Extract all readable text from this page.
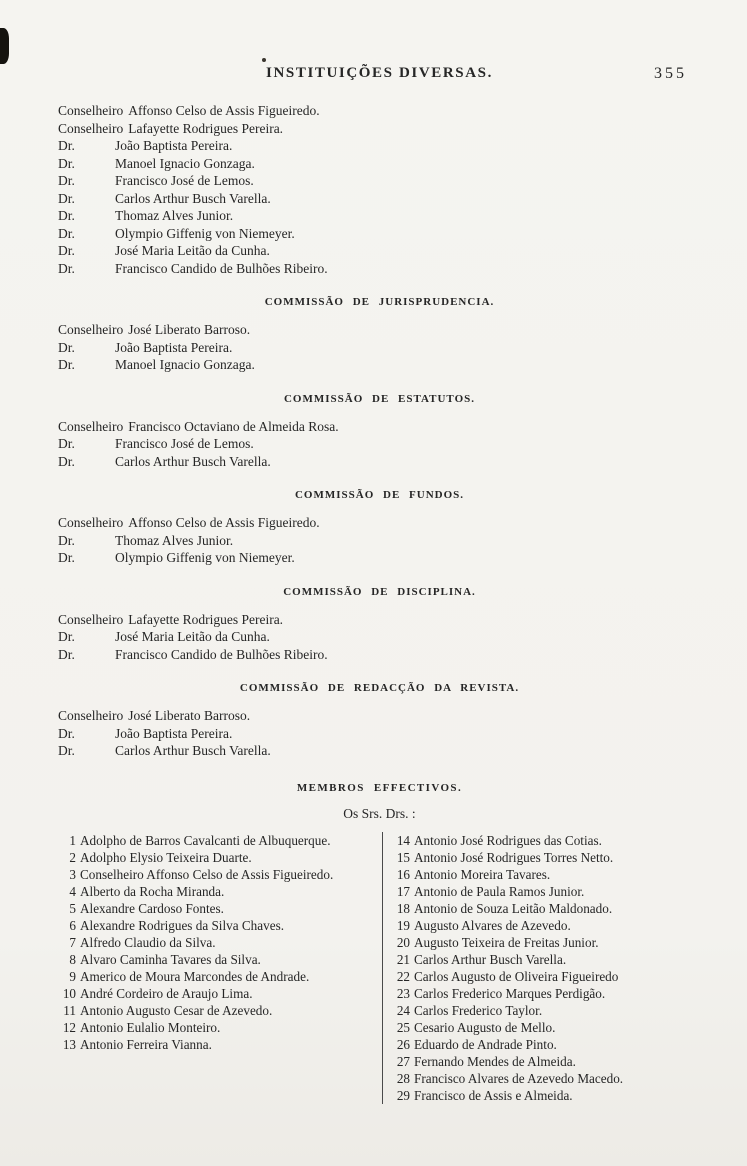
INSTITUIÇÕES DIVERSAS.	355
Conselheiro Affonso Celso de Assis Figueiredo.
Conselheiro Lafayette Rodrigues Pereira.
Dr.	João Baptista Pereira.
Dr.	Manoel Ignacio Gonzaga.
Dr.	Francisco José de Lemos.
Dr.	Carlos Arthur Busch Varella.
Dr.	Thomaz Alves Junior.
Dr.	Olympio Giffenig von Niemeyer.
Dr.	José Maria Leitão da Cunha.
Dr.	Francisco Candido de Bulhões Ribeiro.
COMMISSÃO DE JURISPRUDENCIA.
Conselheiro José Liberato Barroso.
Dr.	João Baptista Pereira.
Dr.	Manoel Ignacio Gonzaga.
COMMISSÃO DE ESTATUTOS.
Conselheiro Francisco Octaviano de Almeida Rosa.
Dr.	Francisco José de Lemos.
Dr.	Carlos Arthur Busch Varella.
COMMISSÃO DE FUNDOS.
Conselheiro Affonso Celso de Assis Figueiredo.
Dr.	Thomaz Alves Junior.
Dr.	Olympio Giffenig von Niemeyer.
COMMISSÃO DE DISCIPLINA.
Conselheiro Lafayette Rodrigues Pereira.
Dr.	José Maria Leitão da Cunha.
Dr.	Francisco Candido de Bulhões Ribeiro.
COMMISSÃO DE REDACÇÃO DA REVISTA.
Conselheiro José Liberato Barroso.
Dr.	João Baptista Pereira.
Dr.	Carlos Arthur Busch Varella.
MEMBROS EFFECTIVOS.

Os Srs. Drs. :

1 Adolpho de Barros Cavalcanti de Albuquerque.
2 Adolpho Elysio Teixeira Duarte.
3 Conselheiro Affonso Celso de Assis Figueiredo.
4 Alberto da Rocha Miranda.
5 Alexandre Cardoso Fontes.
6 Alexandre Rodrigues da Silva Chaves.
7 Alfredo Claudio da Silva.
8 Alvaro Caminha Tavares da Silva.
9 Americo de Moura Marcondes de Andrade.
10 André Cordeiro de Araujo Lima.
11 Antonio Augusto Cesar de Azevedo.
12 Antonio Eulalio Monteiro.
13 Antonio Ferreira Vianna.
14 Antonio José Rodrigues das Cotias.
15 Antonio José Rodrigues Torres Netto.
16 Antonio Moreira Tavares.
17 Antonio de Paula Ramos Junior.
18 Antonio de Souza Leitão Maldonado.
19 Augusto Alvares de Azevedo.
20 Augusto Teixeira de Freitas Junior.
21 Carlos Arthur Busch Varella.
22 Carlos Augusto de Oliveira Figueiredo
23 Carlos Frederico Marques Perdigão.
24 Carlos Frederico Taylor.
25 Cesario Augusto de Mello.
26 Eduardo de Andrade Pinto.
27 Fernando Mendes de Almeida.
28 Francisco Alvares de Azevedo Macedo.
29 Francisco de Assis e Almeida.
